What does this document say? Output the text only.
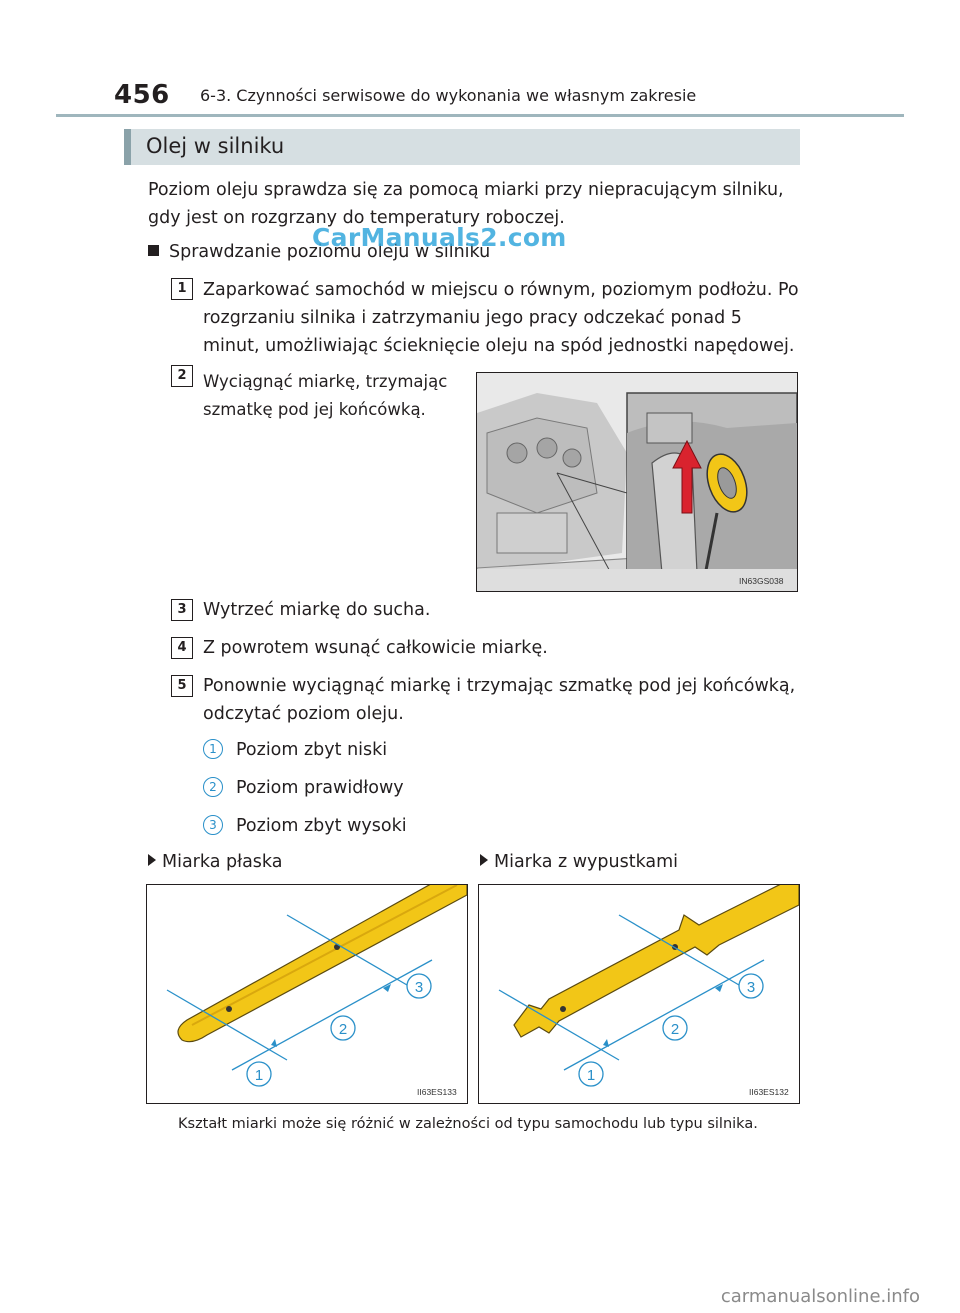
456 6-3. Czynności serwisowe do wykonania we własnym zakresie
Olej w silniku
Poziom oleju sprawdza się za pomocą miarki przy niepracującym silniku, gdy jest on rozgrzany do temperatury roboczej.
Sprawdzanie poziomu oleju w silniku
CarManuals2.com
1 Zaparkować samochód w miejscu o równym, poziomym podłożu. Po rozgrzaniu silnika i zatrzymaniu jego pracy odczekać ponad 5 minut, umożliwiając ścieknięcie oleju na spód jednostki napędowej.
2 Wyciągnąć miarkę, trzymając szmatkę pod jej końcówką.
IN63GS038
3 Wytrzeć miarkę do sucha.
4 Z powrotem wsunąć całkowicie miarkę.
5 Ponownie wyciągnąć miarkę i trzymając szmatkę pod jej końcówką, odczytać poziom oleju.
1	Poziom zbyt niski
2	Poziom prawidłowy
3	Poziom zbyt wysoki
Miarka płaska	Miarka z wypustkami
3
2
1
II63ES133
3
2
1
II63ES132
Kształt miarki może się różnić w zależności od typu samochodu lub typu silnika.
carmanualsonline.info
